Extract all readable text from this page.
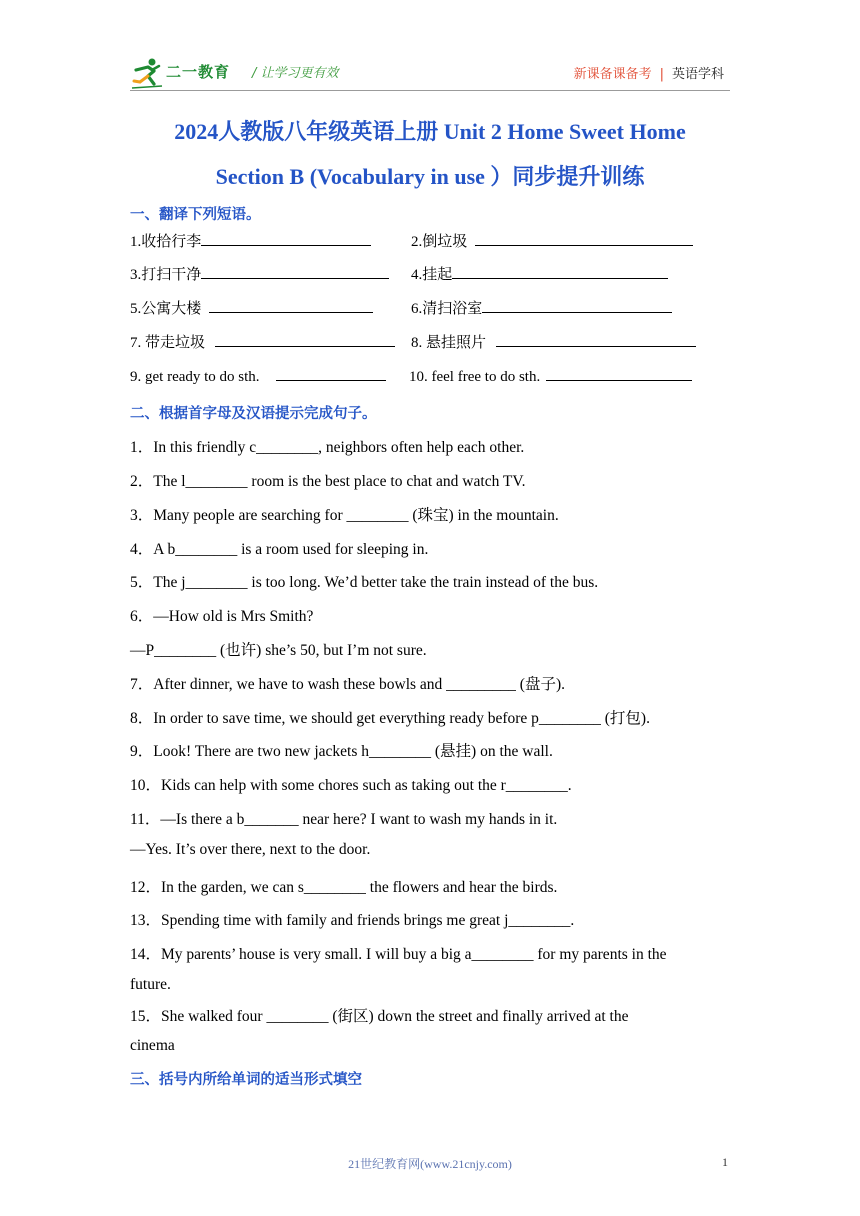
二一教育 / 让学习更有效	新课备课备考 | 英语学科
2024人教版八年级英语上册 Unit 2 Home Sweet Home
Section B (Vocabulary in use ）同步提升训练
一、翻译下列短语。
1.收拾行李	2.倒垃圾
3.打扫干净	4.挂起
5.公寓大楼	6.清扫浴室
7. 带走垃圾	8. 悬挂照片
9. get ready to do sth.	10. feel free to do sth.
二、根据首字母及汉语提示完成句子。
1．In this friendly c________, neighbors often help each other.
2．The l________ room is the best place to chat and watch TV.
3．Many people are searching for ________ (珠宝) in the mountain.
4．A b________ is a room used for sleeping in.
5．The j________ is too long. We’d better take the train instead of the bus.
6．—How old is Mrs Smith?
—P________ (也许) she’s 50, but I’m not sure.
7．After dinner, we have to wash these bowls and _________ (盘子).
8．In order to save time, we should get everything ready before p________ (打包).
9．Look! There are two new jackets h________ (悬挂) on the wall.
10．Kids can help with some chores such as taking out the r________.
11．—Is there a b_______ near here? I want to wash my hands in it.
—Yes. It’s over there, next to the door.
12．In the garden, we can s________ the flowers and hear the birds.
13．Spending time with family and friends brings me great j________.
14．My parents’ house is very small. I will buy a big a________ for my parents in the
future.
15．She walked four ________ (街区) down the street and finally arrived at the
cinema
三、括号内所给单词的适当形式填空
21世纪教育网(www.21cnjy.com)	1
